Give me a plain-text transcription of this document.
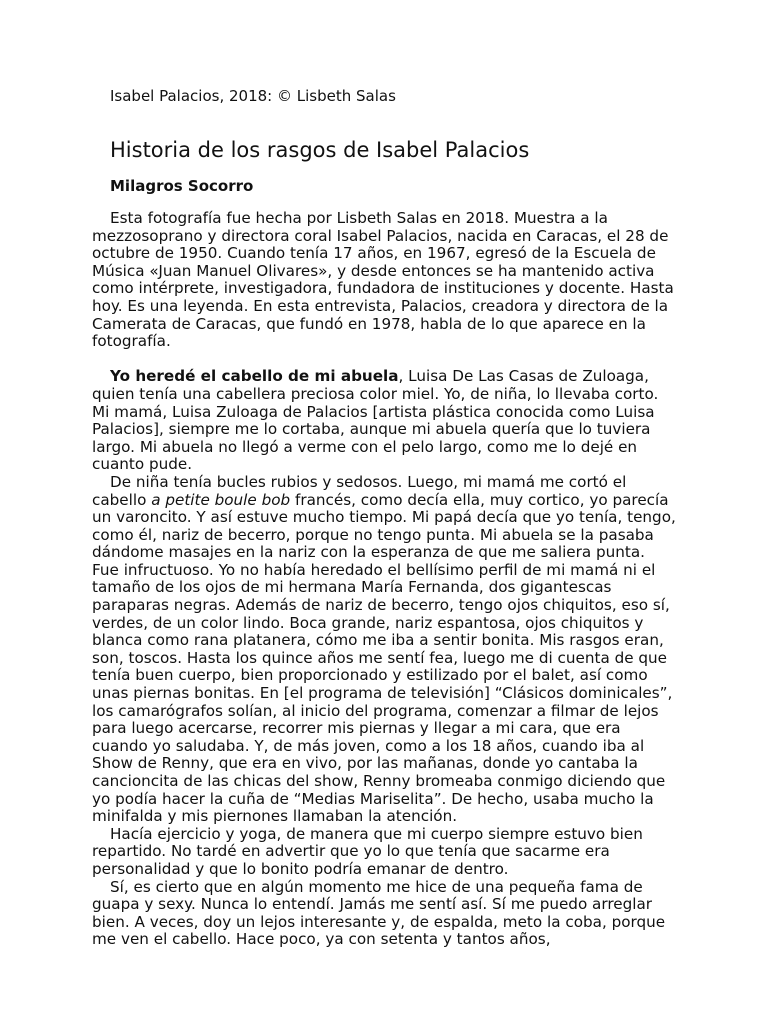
Isabel Palacios, 2018: © Lisbeth Salas
Historia de los rasgos de Isabel Palacios
Milagros Socorro

Esta fotografía fue hecha por Lisbeth Salas en 2018. Muestra a la mezzosoprano y directora coral Isabel Palacios, nacida en Caracas, el 28 de octubre de 1950. Cuando tenía 17 años, en 1967, egresó de la Escuela de Música «Juan Manuel Olivares», y desde entonces se ha mantenido activa como intérprete, investigadora, fundadora de instituciones y docente. Hasta hoy. Es una leyenda. En esta entrevista, Palacios, creadora y directora de la Camerata de Caracas, que fundó en 1978, habla de lo que aparece en la fotografía.

Yo heredé el cabello de mi abuela, Luisa De Las Casas de Zuloaga, quien tenía una cabellera preciosa color miel. Yo, de niña, lo llevaba corto. Mi mamá, Luisa Zuloaga de Palacios [artista plástica conocida como Luisa Palacios], siempre me lo cortaba, aunque mi abuela quería que lo tuviera largo. Mi abuela no llegó a verme con el pelo largo, como me lo dejé en cuanto pude.

De niña tenía bucles rubios y sedosos. Luego, mi mamá me cortó el cabello a petite boule bob francés, como decía ella, muy cortico, yo parecía un varoncito. Y así estuve mucho tiempo. Mi papá decía que yo tenía, tengo, como él, nariz de becerro, porque no tengo punta. Mi abuela se la pasaba dándome masajes en la nariz con la esperanza de que me saliera punta. Fue infructuoso. Yo no había heredado el bellísimo perfil de mi mamá ni el tamaño de los ojos de mi hermana María Fernanda, dos gigantescas paraparas negras. Además de nariz de becerro, tengo ojos chiquitos, eso sí, verdes, de un color lindo. Boca grande, nariz espantosa, ojos chiquitos y blanca como rana platanera, cómo me iba a sentir bonita. Mis rasgos eran, son, toscos. Hasta los quince años me sentí fea, luego me di cuenta de que tenía buen cuerpo, bien proporcionado y estilizado por el balet, así como unas piernas bonitas. En [el programa de televisión] “Clásicos dominicales”, los camarógrafos solían, al inicio del programa, comenzar a filmar de lejos para luego acercarse, recorrer mis piernas y llegar a mi cara, que era cuando yo saludaba. Y, de más joven, como a los 18 años, cuando iba al Show de Renny, que era en vivo, por las mañanas, donde yo cantaba la cancioncita de las chicas del show, Renny bromeaba conmigo diciendo que yo podía hacer la cuña de “Medias Mariselita”. De hecho, usaba mucho la minifalda y mis piernones llamaban la atención.

Hacía ejercicio y yoga, de manera que mi cuerpo siempre estuvo bien repartido. No tardé en advertir que yo lo que tenía que sacarme era personalidad y que lo bonito podría emanar de dentro.

Sí, es cierto que en algún momento me hice de una pequeña fama de guapa y sexy. Nunca lo entendí. Jamás me sentí así. Sí me puedo arreglar bien. A veces, doy un lejos interesante y, de espalda, meto la coba, porque me ven el cabello. Hace poco, ya con setenta y tantos años,
